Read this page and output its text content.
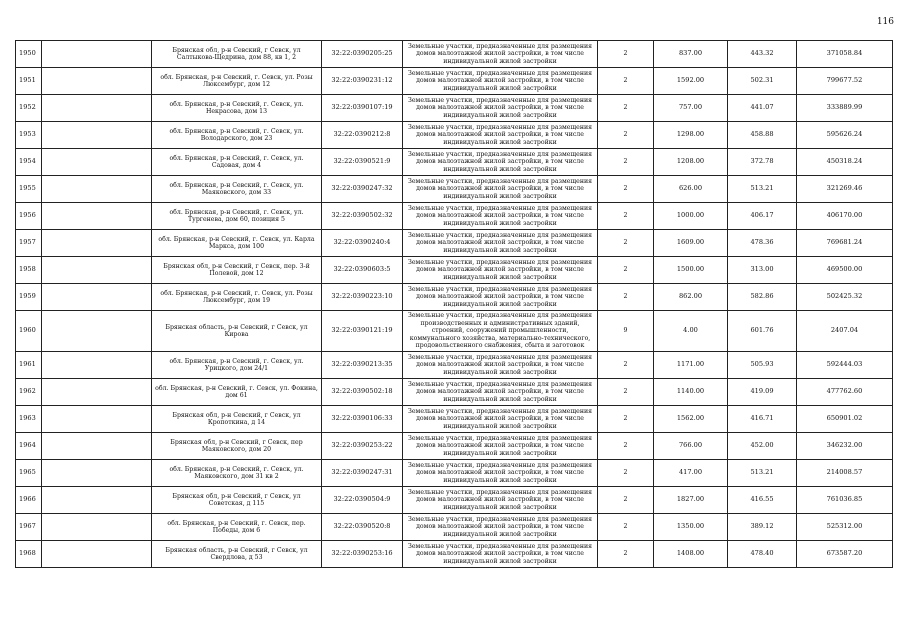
116
1950		Брянская обл, р-н Севский, г Севск, ул Салтыкова-Щедрина, дом 88, кв 1, 2	32:22:0390205:25	Земельные участки, предназначенные для размещения домов малоэтажной жилой застройки, в том числе индивидуальной жилой застройки	2	837.00	443.32	371058.84
1951		обл. Брянская, р-н Севский, г. Севск, ул. Розы Люксембург, дом 12	32:22:0390231:12	Земельные участки, предназначенные для размещения домов малоэтажной жилой застройки, в том числе индивидуальной жилой застройки	2	1592.00	502.31	799677.52
1952		обл. Брянская, р-н Севский, г. Севск, ул. Некрасова, дом 13	32:22:0390107:19	Земельные участки, предназначенные для размещения домов малоэтажной жилой застройки, в том числе индивидуальной жилой застройки	2	757.00	441.07	333889.99
1953		обл. Брянская, р-н Севский, г. Севск, ул. Володарского, дом 23	32:22:0390212:8	Земельные участки, предназначенные для размещения домов малоэтажной жилой застройки, в том числе индивидуальной жилой застройки	2	1298.00	458.88	595626.24
1954		обл. Брянская, р-н Севский, г. Севск, ул. Садовая, дом 4	32:22:0390521:9	Земельные участки, предназначенные для размещения домов малоэтажной жилой застройки, в том числе индивидуальной жилой застройки	2	1208.00	372.78	450318.24
1955		обл. Брянская, р-н Севский, г. Севск, ул. Маяковского, дом 33	32:22:0390247:32	Земельные участки, предназначенные для размещения домов малоэтажной жилой застройки, в том числе индивидуальной жилой застройки	2	626.00	513.21	321269.46
1956		обл. Брянская, р-н Севский, г. Севск, ул. Тургенева, дом 60, позиция 5	32:22:0390502:32	Земельные участки, предназначенные для размещения домов малоэтажной жилой застройки, в том числе индивидуальной жилой застройки	2	1000.00	406.17	406170.00
1957		обл. Брянская, р-н Севский, г. Севск, ул. Карла Маркса, дом 100	32:22:0390240:4	Земельные участки, предназначенные для размещения домов малоэтажной жилой застройки, в том числе индивидуальной жилой застройки	2	1609.00	478.36	769681.24
1958		Брянская обл, р-н Севский, г Севск, пер. 3-й Полевой, дом 12	32:22:0390603:5	Земельные участки, предназначенные для размещения домов малоэтажной жилой застройки, в том числе индивидуальной жилой застройки	2	1500.00	313.00	469500.00
1959		обл. Брянская, р-н Севский, г. Севск, ул. Розы Люксембург, дом 19	32:22:0390223:10	Земельные участки, предназначенные для размещения домов малоэтажной жилой застройки, в том числе индивидуальной жилой застройки	2	862.00	582.86	502425.32
1960		Брянская область, р-н Севский, г Севск, ул Кирова	32:22:0390121:19	Земельные участки, предназначенные для размещения производственных и административных зданий, строений, сооружений промышленности, коммунального хозяйства, материально-технического, продовольственного снабжения, сбыта и заготовок	9	4.00	601.76	2407.04
1961		обл. Брянская, р-н Севский, г. Севск, ул. Урицкого, дом 24/1	32:22:0390213:35	Земельные участки, предназначенные для размещения домов малоэтажной жилой застройки, в том числе индивидуальной жилой застройки	2	1171.00	505.93	592444.03
1962		обл. Брянская, р-н Севский, г. Севск, ул. Фокина, дом 61	32:22:0390502:18	Земельные участки, предназначенные для размещения домов малоэтажной жилой застройки, в том числе индивидуальной жилой застройки	2	1140.00	419.09	477762.60
1963		Брянская обл, р-н Севский, г Севск, ул Кропоткина, д 14	32:22:0390106:33	Земельные участки, предназначенные для размещения домов малоэтажной жилой застройки, в том числе индивидуальной жилой застройки	2	1562.00	416.71	650901.02
1964		Брянская обл, р-н Севский, г Севск, пер Маяковского, дом 20	32:22:0390253:22	Земельные участки, предназначенные для размещения домов малоэтажной жилой застройки, в том числе индивидуальной жилой застройки	2	766.00	452.00	346232.00
1965		обл. Брянская, р-н Севский, г. Севск, ул. Маяковского, дом 31 кв 2	32:22:0390247:31	Земельные участки, предназначенные для размещения домов малоэтажной жилой застройки, в том числе индивидуальной жилой застройки	2	417.00	513.21	214008.57
1966		Брянская обл, р-н Севский, г Севск, ул Советская, д 115	32:22:0390504:9	Земельные участки, предназначенные для размещения домов малоэтажной жилой застройки, в том числе индивидуальной жилой застройки	2	1827.00	416.55	761036.85
1967		обл. Брянская, р-н Севский, г. Севск, пер. Победы, дом 6	32:22:0390520:8	Земельные участки, предназначенные для размещения домов малоэтажной жилой застройки, в том числе индивидуальной жилой застройки	2	1350.00	389.12	525312.00
1968		Брянская область, р-н Севский, г Севск, ул Свердлова, д 53	32:22:0390253:16	Земельные участки, предназначенные для размещения домов малоэтажной жилой застройки, в том числе индивидуальной жилой застройки	2	1408.00	478.40	673587.20
